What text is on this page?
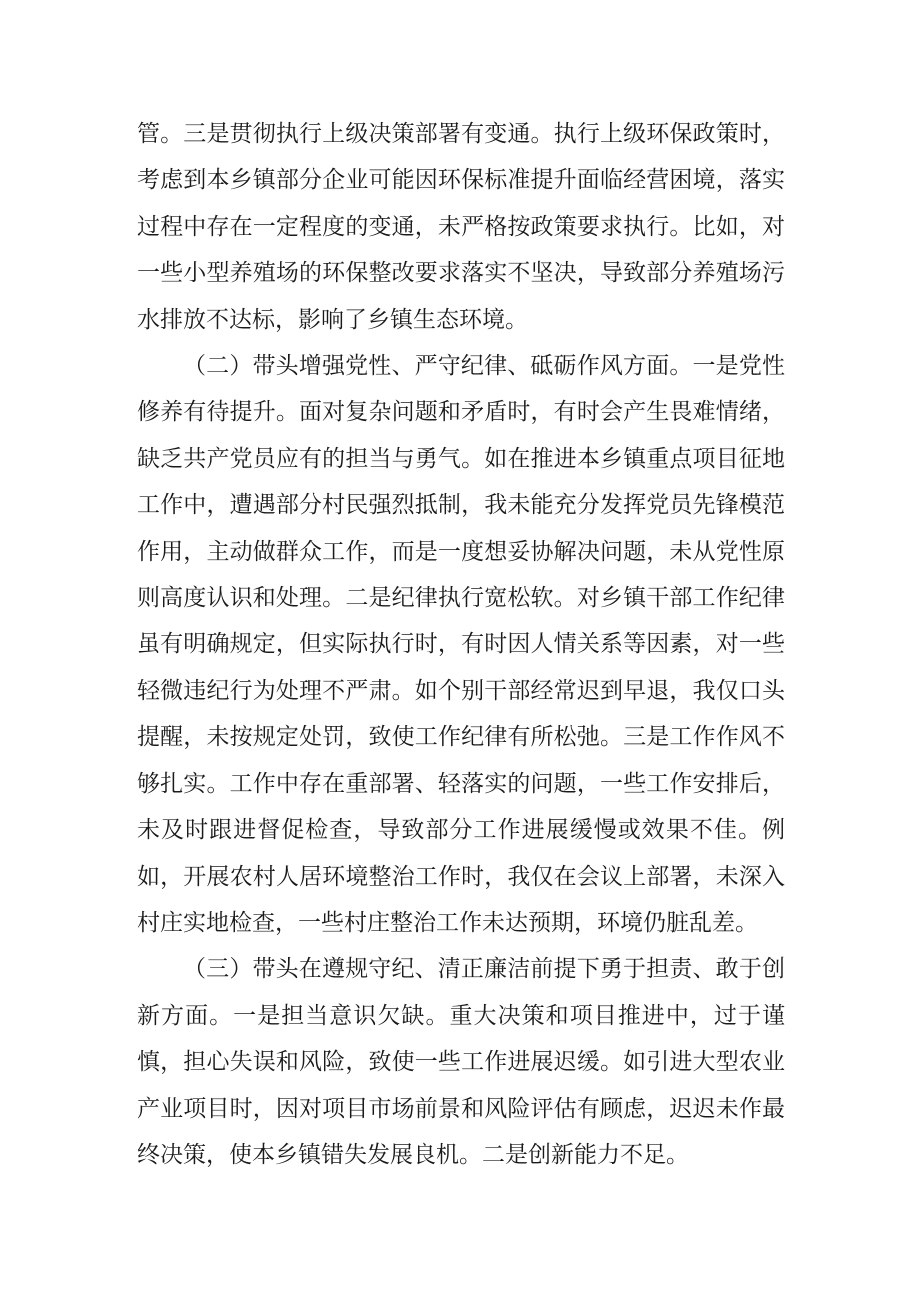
管。三是贯彻执行上级决策部署有变通。执行上级环保政策时，考虑到本乡镇部分企业可能因环保标准提升面临经营困境，落实过程中存在一定程度的变通，未严格按政策要求执行。比如，对一些小型养殖场的环保整改要求落实不坚决，导致部分养殖场污水排放不达标，影响了乡镇生态环境。

（二）带头增强党性、严守纪律、砥砺作风方面。一是党性修养有待提升。面对复杂问题和矛盾时，有时会产生畏难情绪，缺乏共产党员应有的担当与勇气。如在推进本乡镇重点项目征地工作中，遭遇部分村民强烈抵制，我未能充分发挥党员先锋模范作用，主动做群众工作，而是一度想妥协解决问题，未从党性原则高度认识和处理。二是纪律执行宽松软。对乡镇干部工作纪律虽有明确规定，但实际执行时，有时因人情关系等因素，对一些轻微违纪行为处理不严肃。如个别干部经常迟到早退，我仅口头提醒，未按规定处罚，致使工作纪律有所松弛。三是工作作风不够扎实。工作中存在重部署、轻落实的问题，一些工作安排后，未及时跟进督促检查，导致部分工作进展缓慢或效果不佳。例如，开展农村人居环境整治工作时，我仅在会议上部署，未深入村庄实地检查，一些村庄整治工作未达预期，环境仍脏乱差。

（三）带头在遵规守纪、清正廉洁前提下勇于担责、敢于创新方面。一是担当意识欠缺。重大决策和项目推进中，过于谨慎，担心失误和风险，致使一些工作进展迟缓。如引进大型农业产业项目时，因对项目市场前景和风险评估有顾虑，迟迟未作最终决策，使本乡镇错失发展良机。二是创新能力不足。
